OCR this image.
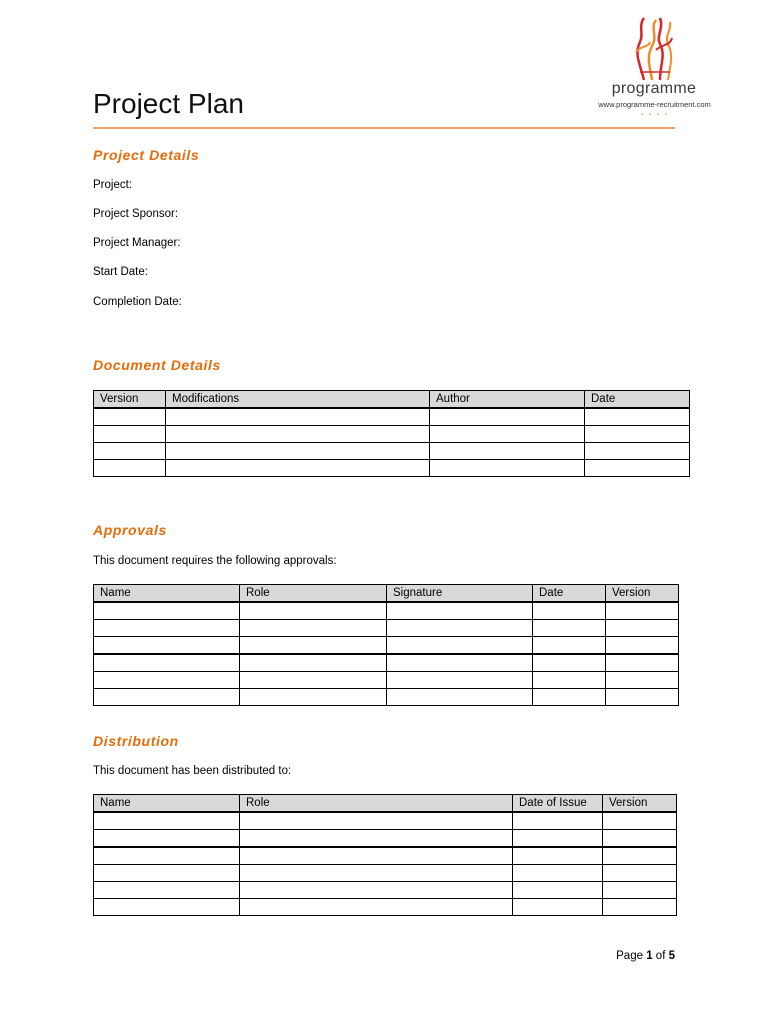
programme
www.programme-recruitment.com
▪ ▪ ▪ ▪
Project Plan
Project Details
Project:
Project Sponsor:
Project Manager:
Start Date:
Completion Date:
Document Details
Version	Modifications	Author	Date

Approvals
This document requires the following approvals:
Name	Role	Signature	Date	Version

Distribution
This document has been distributed to:
Name	Role	Date of Issue	Version

Page 1 of 5
